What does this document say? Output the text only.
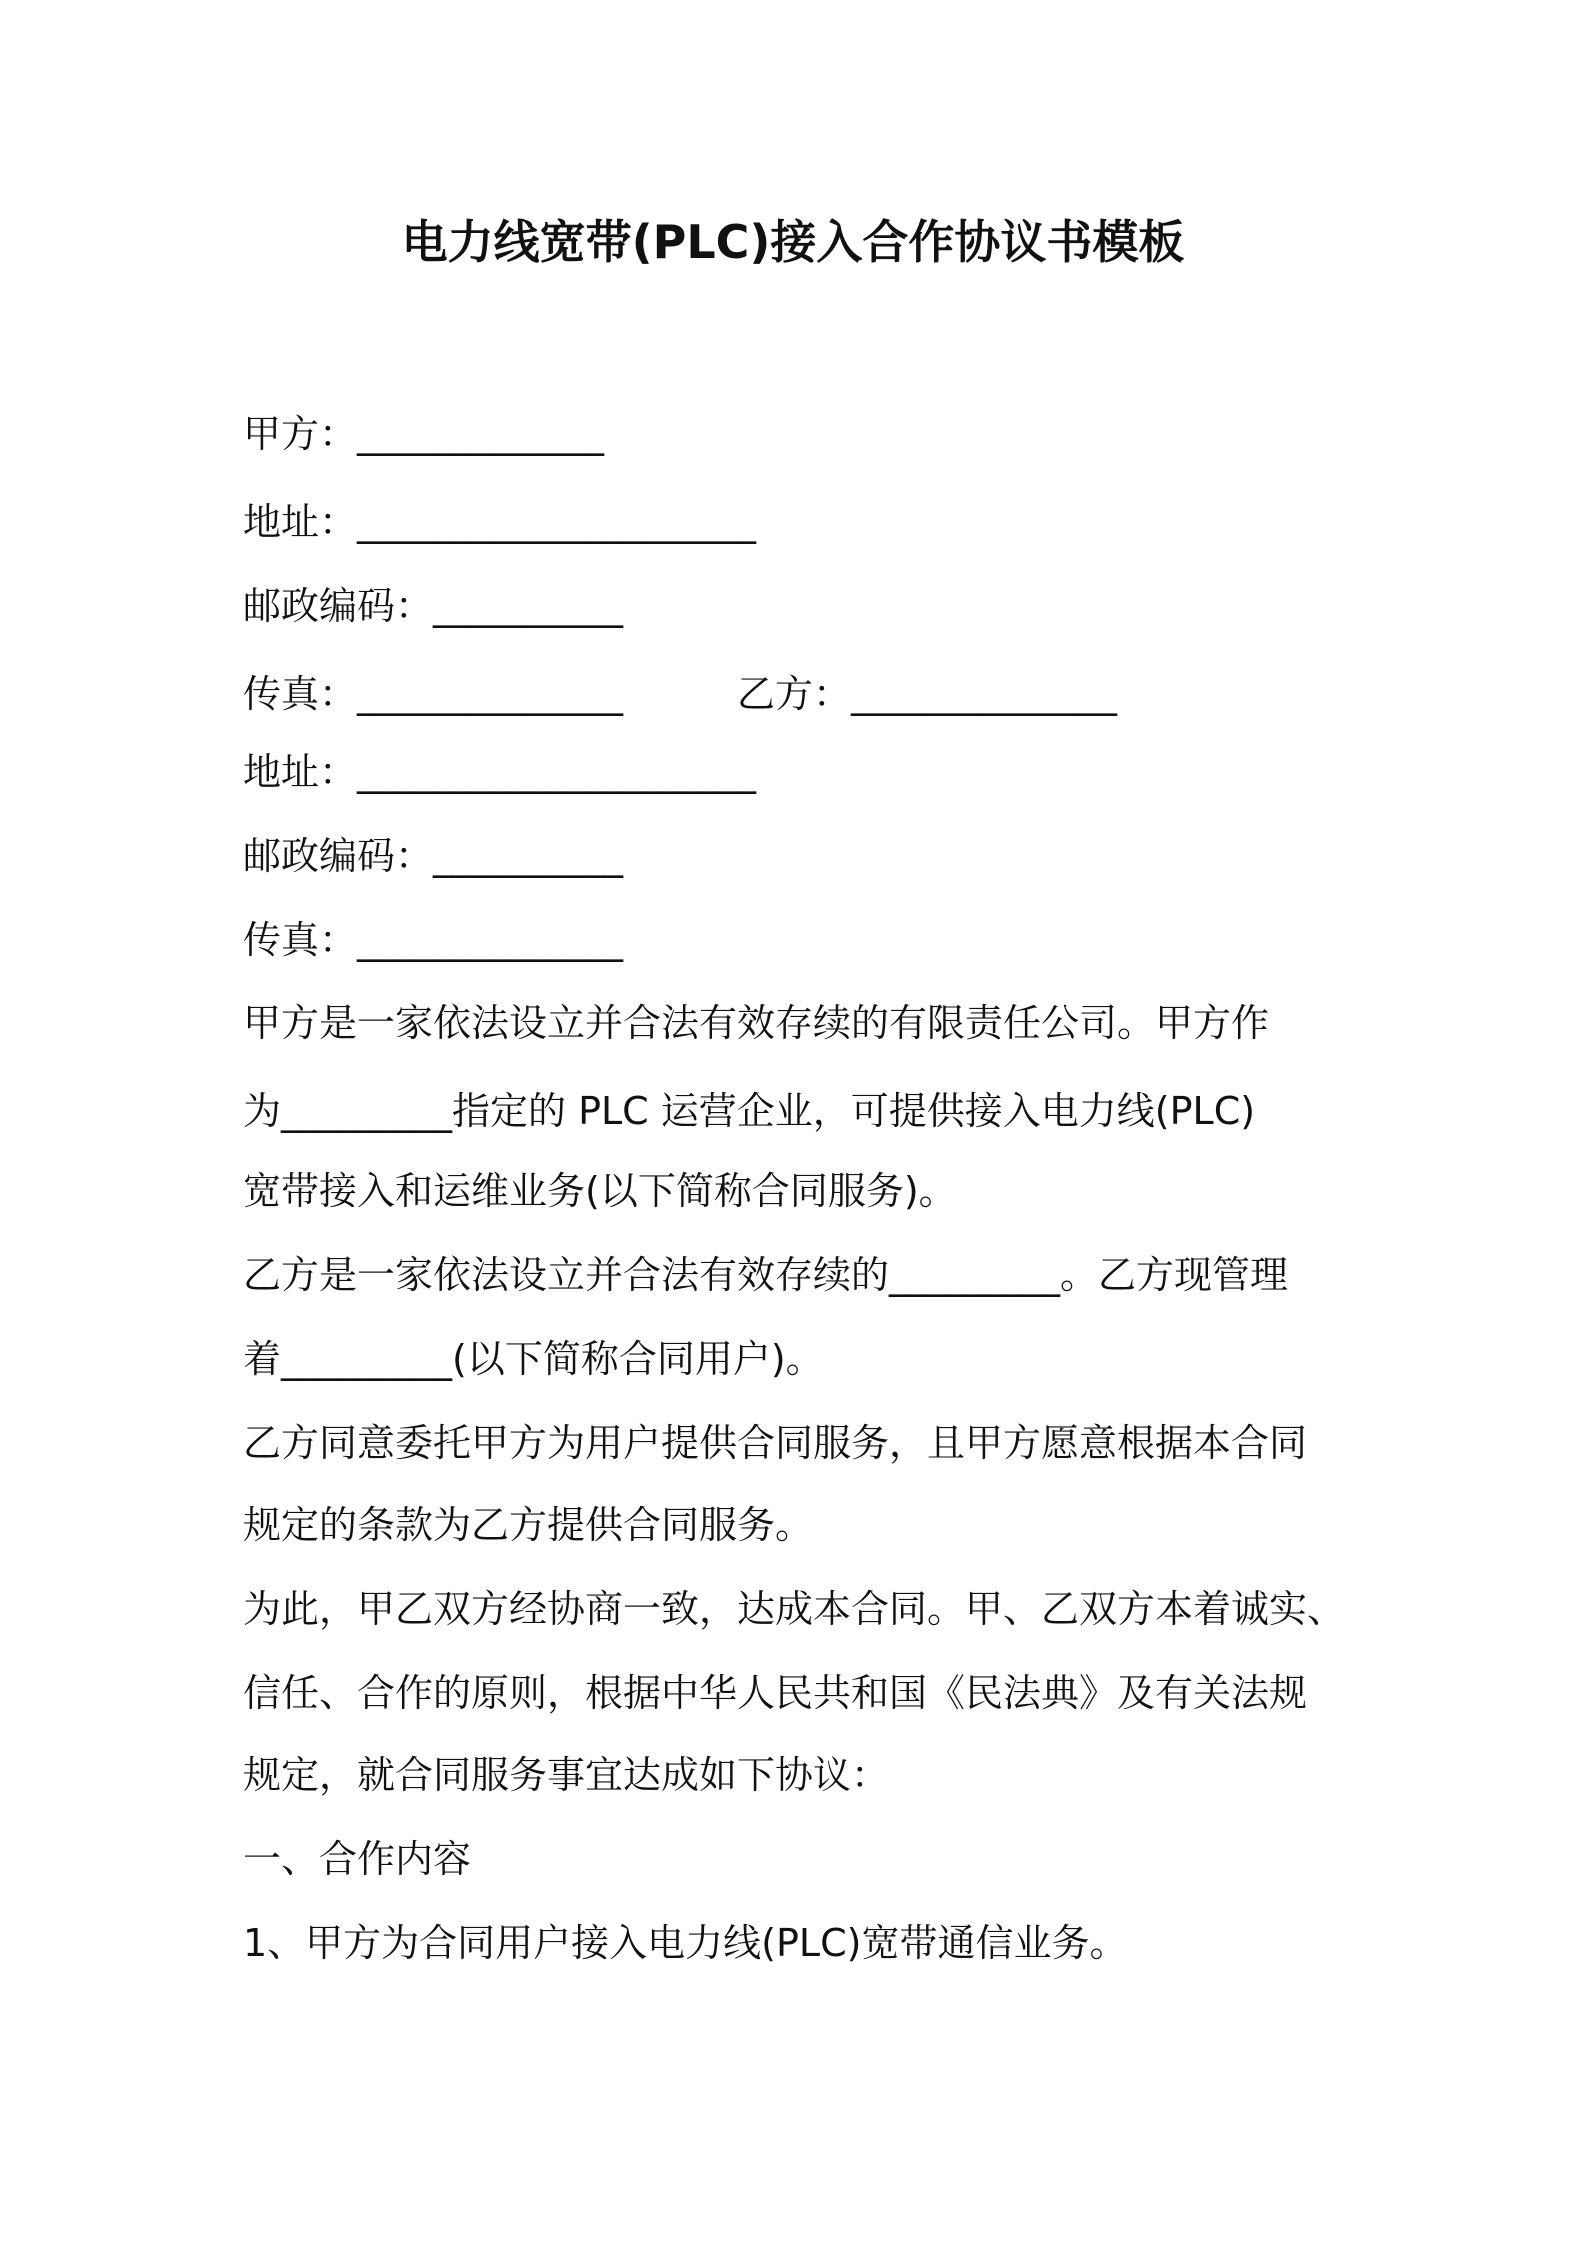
电力线宽带(PLC)接入合作协议书模板
甲方：_____________
地址：_____________________
邮政编码：__________
传真：______________	乙方：______________
地址：_____________________
邮政编码：__________
传真：______________
甲方是一家依法设立并合法有效存续的有限责任公司。甲方作
为_________指定的 PLC 运营企业，可提供接入电力线(PLC)
宽带接入和运维业务(以下简称合同服务)。
乙方是一家依法设立并合法有效存续的_________。乙方现管理
着_________(以下简称合同用户)。
乙方同意委托甲方为用户提供合同服务，且甲方愿意根据本合同
规定的条款为乙方提供合同服务。
为此，甲乙双方经协商一致，达成本合同。甲、乙双方本着诚实、
信任、合作的原则，根据中华人民共和国《民法典》及有关法规
规定，就合同服务事宜达成如下协议：
一、合作内容
1、甲方为合同用户接入电力线(PLC)宽带通信业务。
